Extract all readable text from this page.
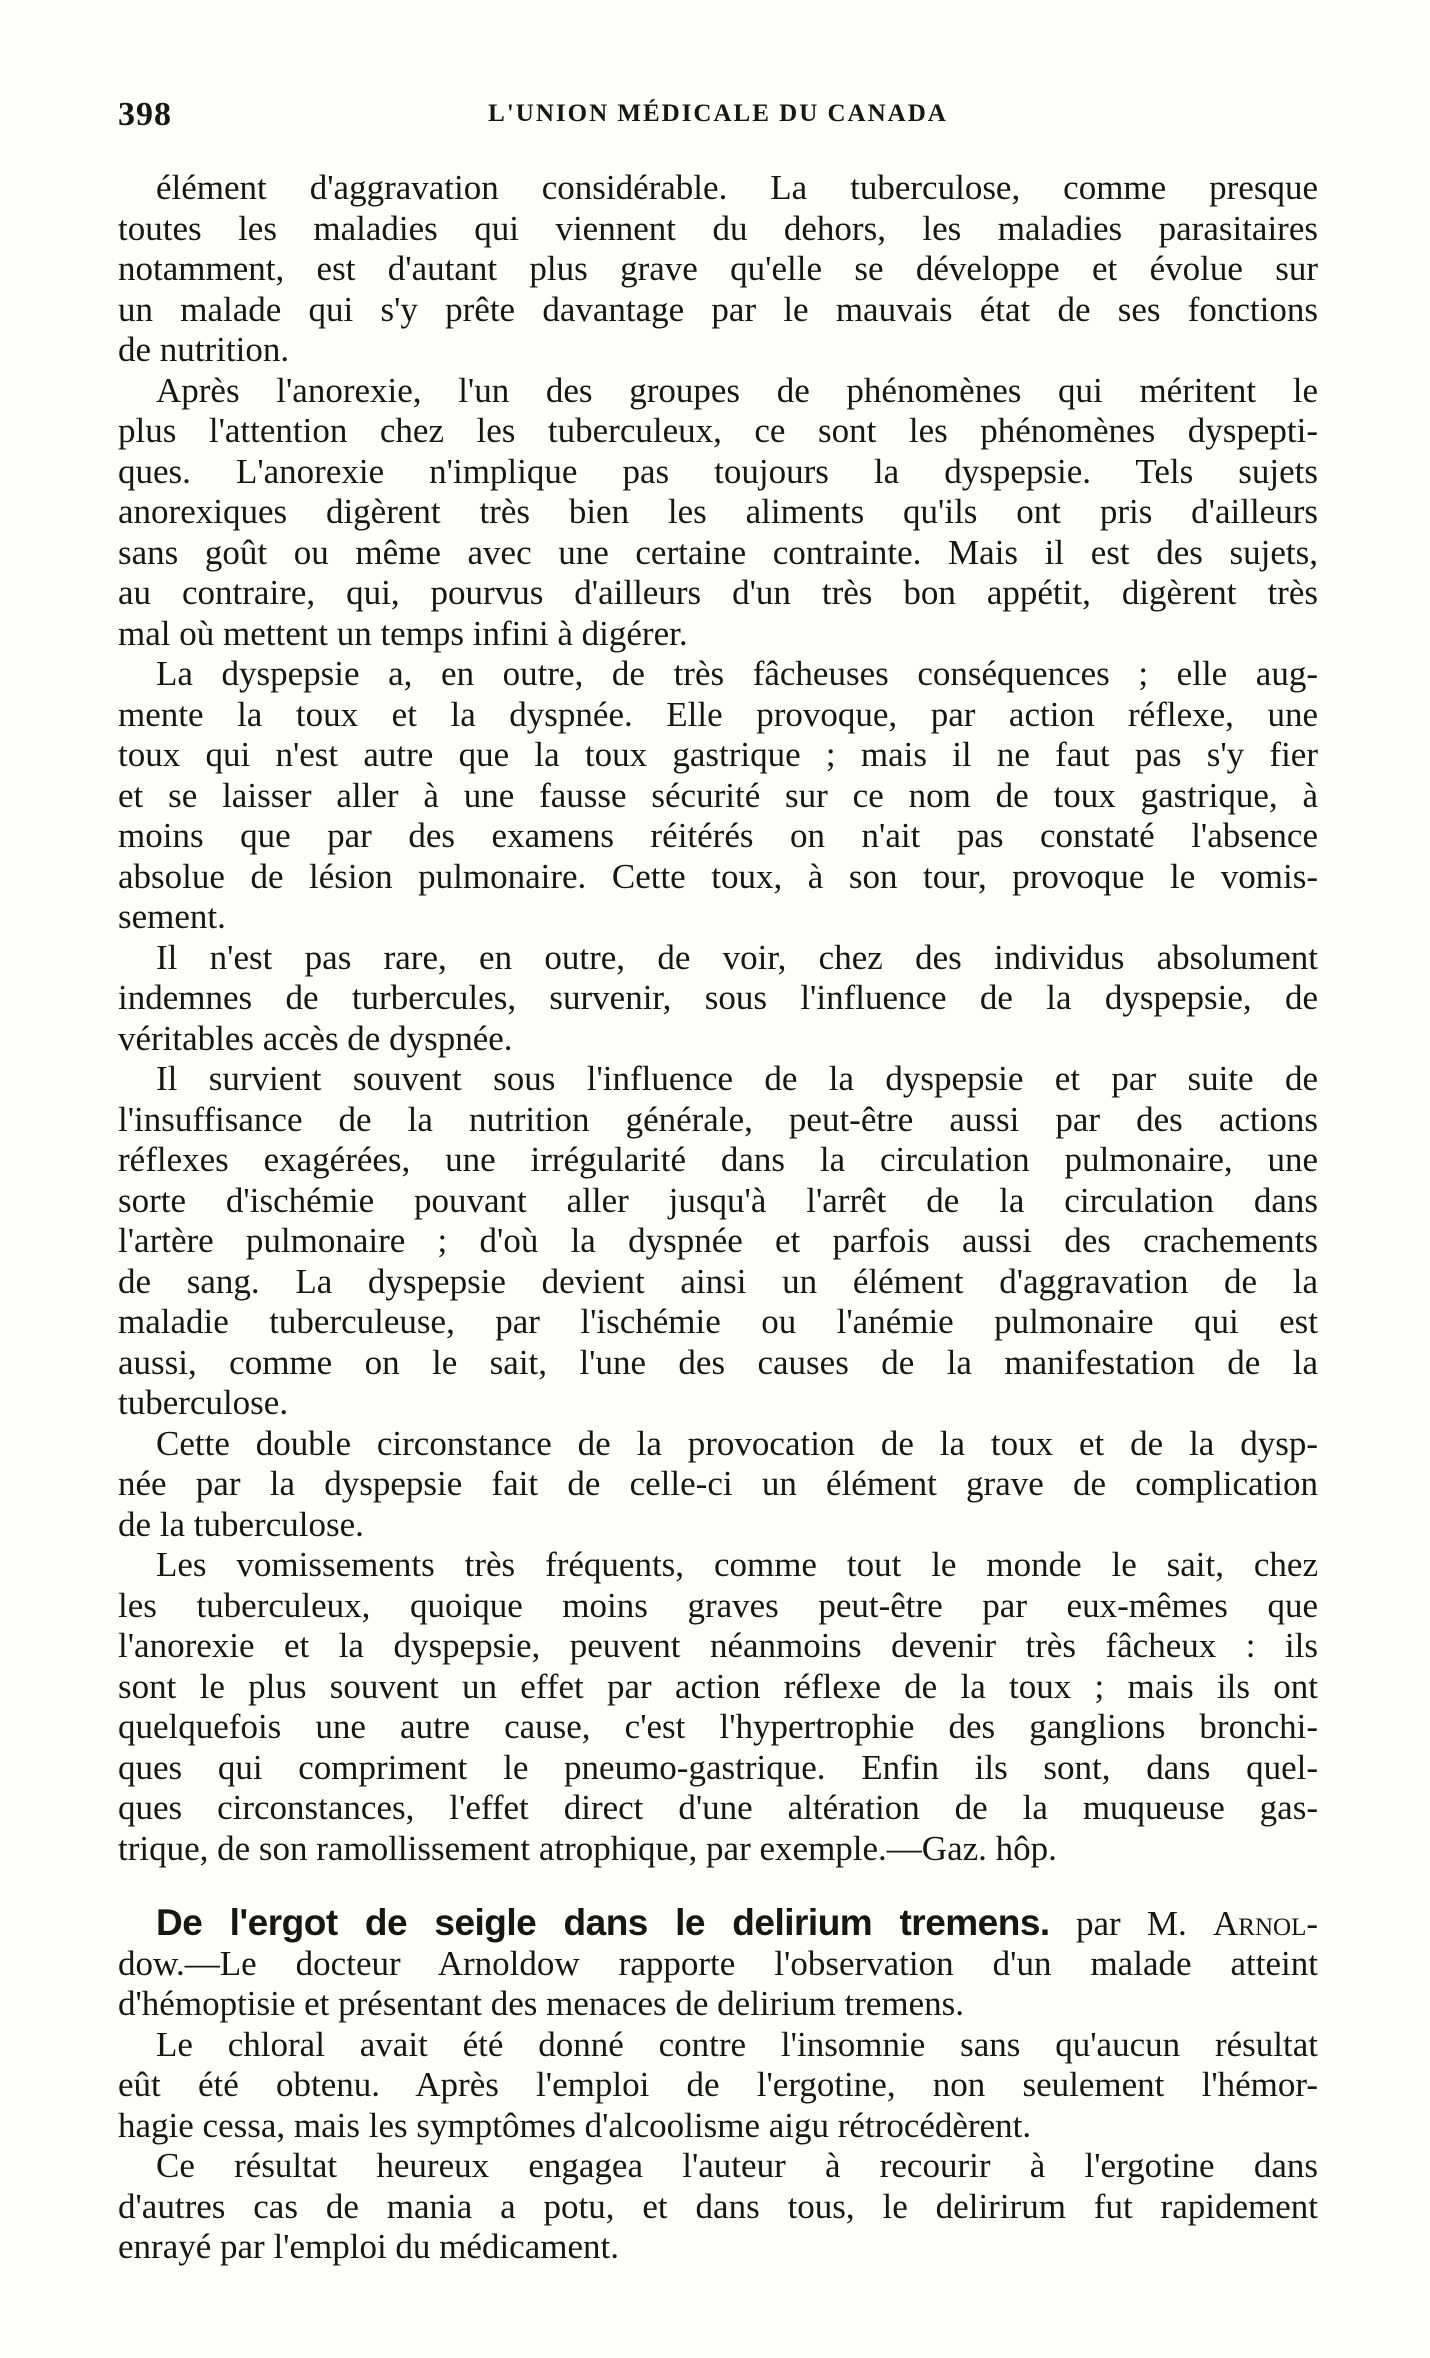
398	L'UNION MÉDICALE DU CANADA

élément d'aggravation considérable. La tuberculose, comme presque
toutes les maladies qui viennent du dehors, les maladies parasitaires
notamment, est d'autant plus grave qu'elle se développe et évolue sur
un malade qui s'y prête davantage par le mauvais état de ses fonctions
de nutrition.

Après l'anorexie, l'un des groupes de phénomènes qui méritent le
plus l'attention chez les tuberculeux, ce sont les phénomènes dyspepti-
ques. L'anorexie n'implique pas toujours la dyspepsie. Tels sujets
anorexiques digèrent très bien les aliments qu'ils ont pris d'ailleurs
sans goût ou même avec une certaine contrainte. Mais il est des sujets,
au contraire, qui, pourvus d'ailleurs d'un très bon appétit, digèrent très
mal où mettent un temps infini à digérer.

La dyspepsie a, en outre, de très fâcheuses conséquences ; elle aug-
mente la toux et la dyspnée. Elle provoque, par action réflexe, une
toux qui n'est autre que la toux gastrique ; mais il ne faut pas s'y fier
et se laisser aller à une fausse sécurité sur ce nom de toux gastrique, à
moins que par des examens réitérés on n'ait pas constaté l'absence
absolue de lésion pulmonaire. Cette toux, à son tour, provoque le vomis-
sement.

Il n'est pas rare, en outre, de voir, chez des individus absolument
indemnes de turbercules, survenir, sous l'influence de la dyspepsie, de
véritables accès de dyspnée.

Il survient souvent sous l'influence de la dyspepsie et par suite de
l'insuffisance de la nutrition générale, peut-être aussi par des actions
réflexes exagérées, une irrégularité dans la circulation pulmonaire, une
sorte d'ischémie pouvant aller jusqu'à l'arrêt de la circulation dans
l'artère pulmonaire ; d'où la dyspnée et parfois aussi des crachements
de sang. La dyspepsie devient ainsi un élément d'aggravation de la
maladie tuberculeuse, par l'ischémie ou l'anémie pulmonaire qui est
aussi, comme on le sait, l'une des causes de la manifestation de la
tuberculose.

Cette double circonstance de la provocation de la toux et de la dysp-
née par la dyspepsie fait de celle-ci un élément grave de complication
de la tuberculose.

Les vomissements très fréquents, comme tout le monde le sait, chez
les tuberculeux, quoique moins graves peut-être par eux-mêmes que
l'anorexie et la dyspepsie, peuvent néanmoins devenir très fâcheux : ils
sont le plus souvent un effet par action réflexe de la toux ; mais ils ont
quelquefois une autre cause, c'est l'hypertrophie des ganglions bronchi-
ques qui compriment le pneumo-gastrique. Enfin ils sont, dans quel-
ques circonstances, l'effet direct d'une altération de la muqueuse gas-
trique, de son ramollissement atrophique, par exemple.—Gaz. hôp.

De l'ergot de seigle dans le delirium tremens. par M. Arnol-
dow.—Le docteur Arnoldow rapporte l'observation d'un malade atteint
d'hémoptisie et présentant des menaces de delirium tremens.

Le chloral avait été donné contre l'insomnie sans qu'aucun résultat
eût été obtenu. Après l'emploi de l'ergotine, non seulement l'hémor-
hagie cessa, mais les symptômes d'alcoolisme aigu rétrocédèrent.

Ce résultat heureux engagea l'auteur à recourir à l'ergotine dans
d'autres cas de mania a potu, et dans tous, le delirirum fut rapidement
enrayé par l'emploi du médicament.
